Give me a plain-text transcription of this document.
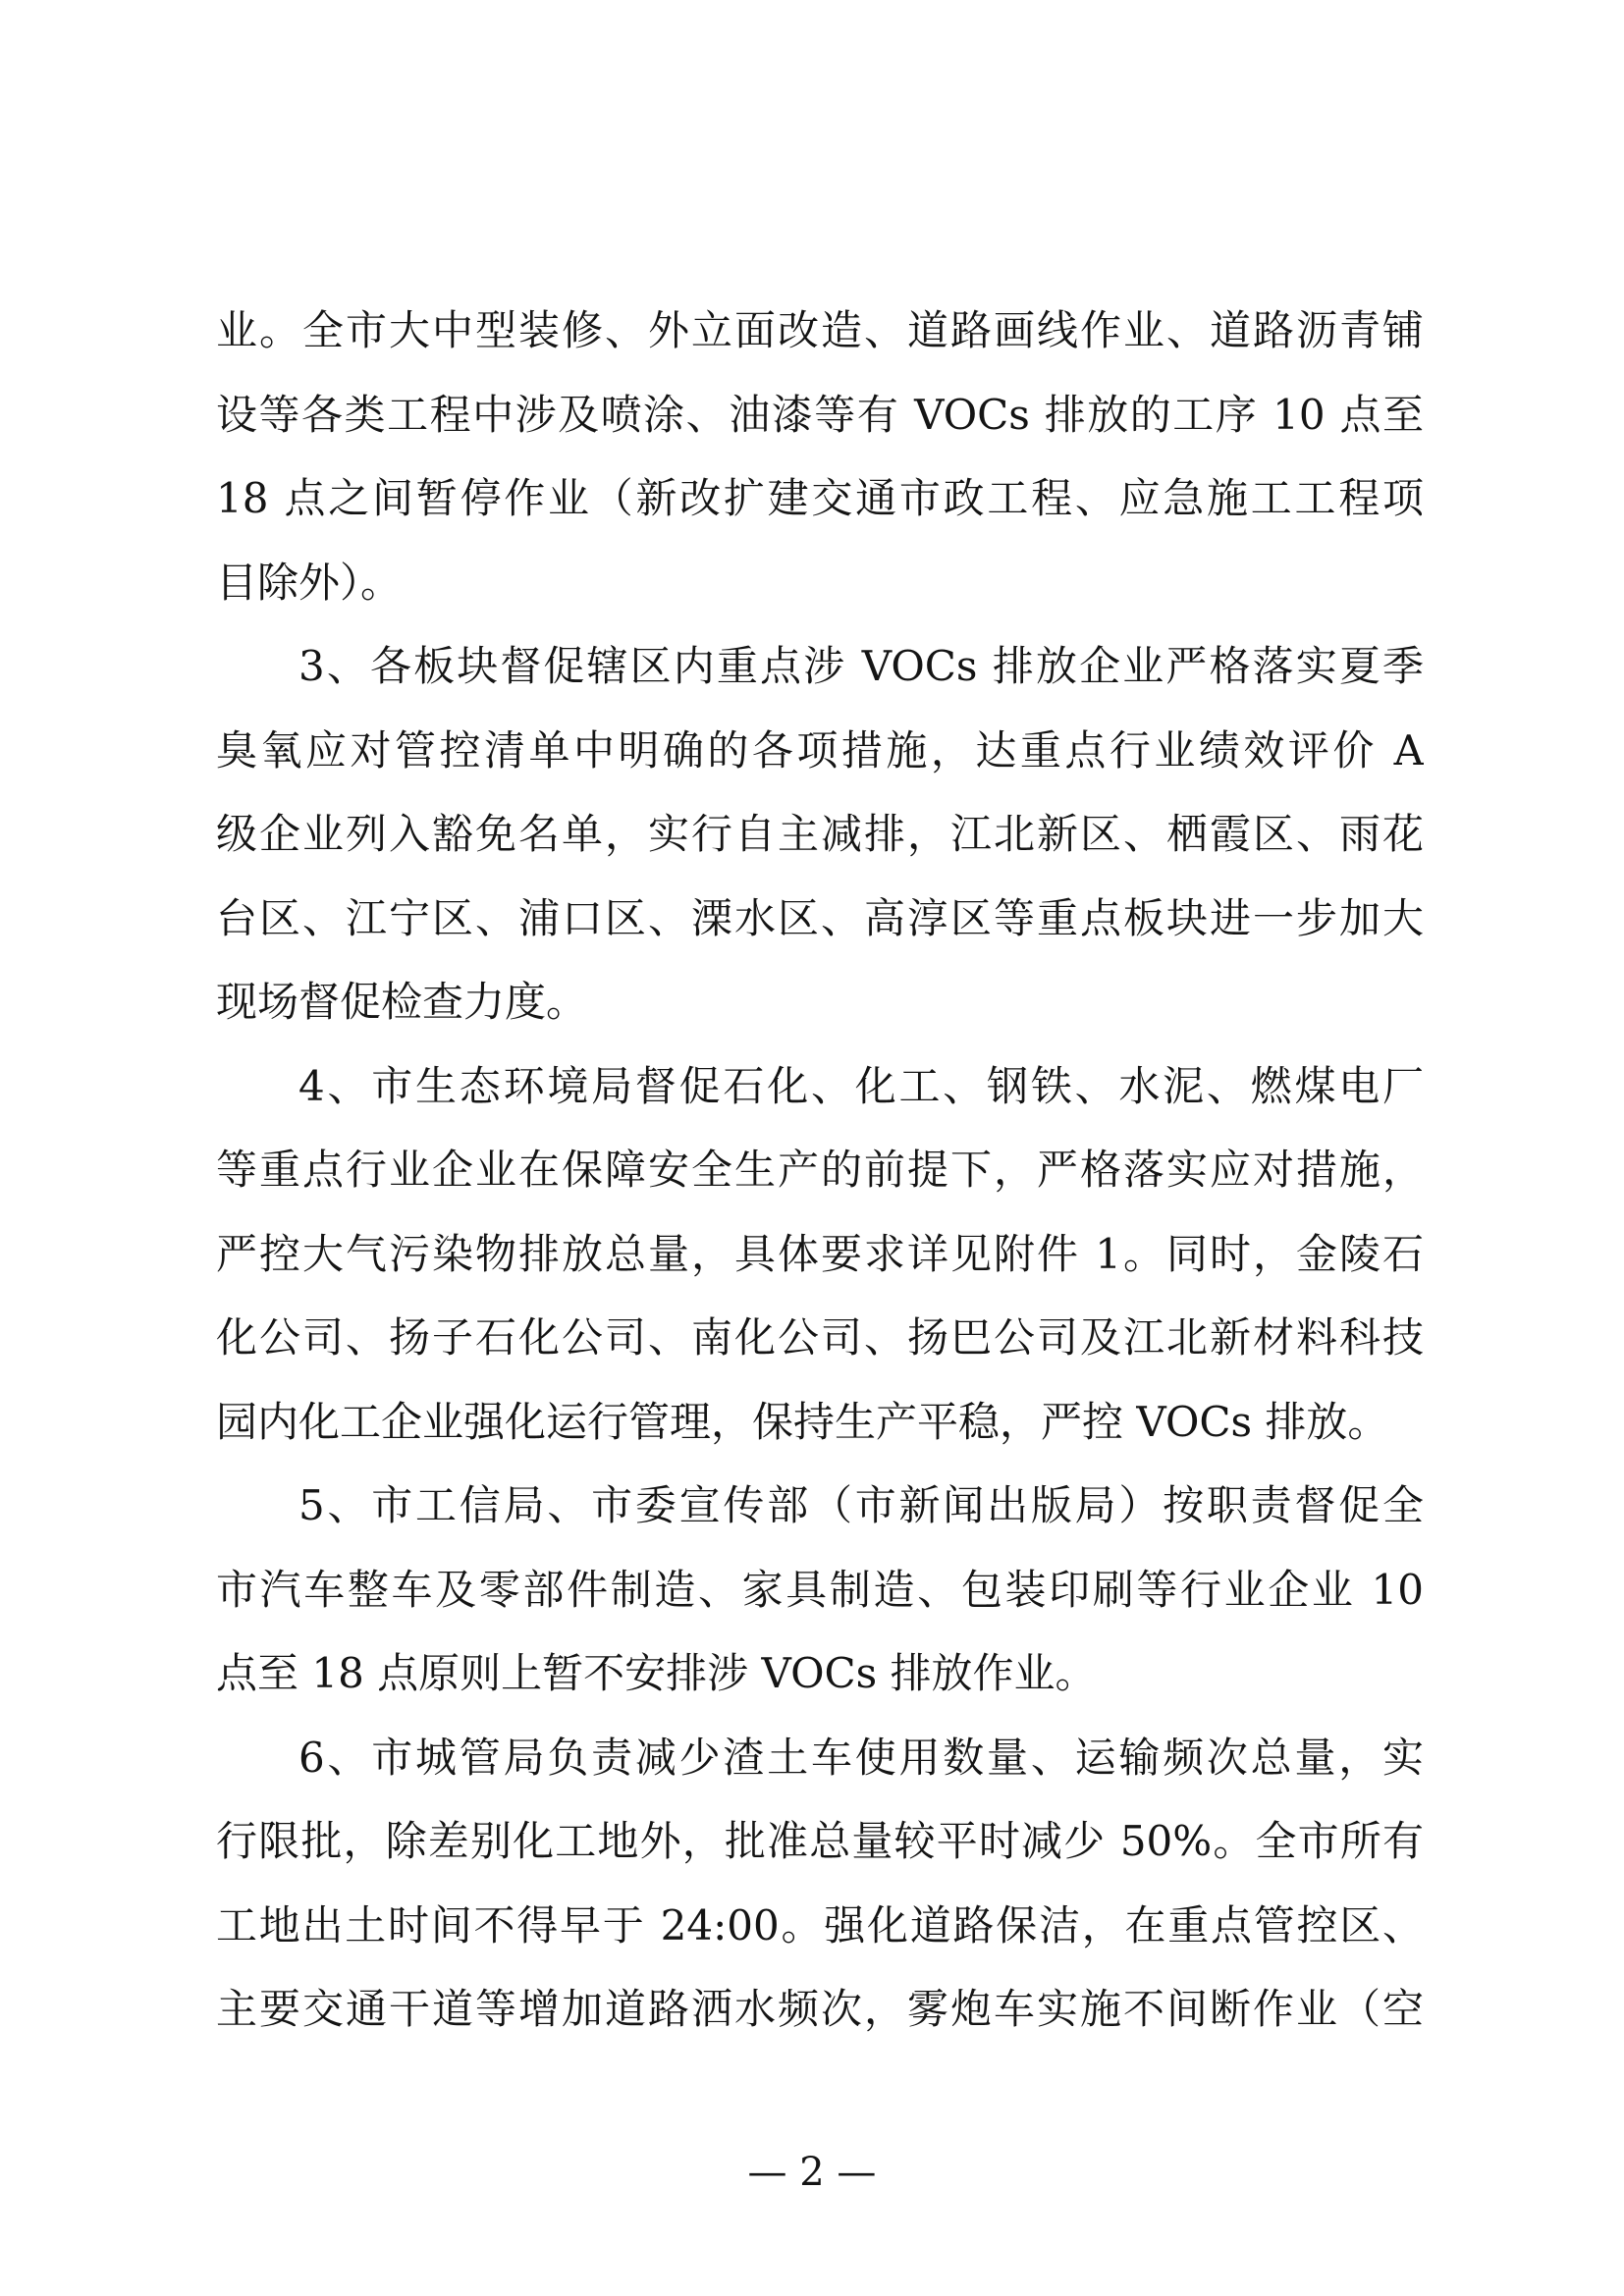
业。全市大中型装修、外立面改造、道路画线作业、道路沥青铺
设等各类工程中涉及喷涂、油漆等有 VOCs 排放的工序 10 点至
18 点之间暂停作业（新改扩建交通市政工程、应急施工工程项
目除外）。
3、各板块督促辖区内重点涉 VOCs 排放企业严格落实夏季
臭氧应对管控清单中明确的各项措施，达重点行业绩效评价 A
级企业列入豁免名单，实行自主减排，江北新区、栖霞区、雨花
台区、江宁区、浦口区、溧水区、高淳区等重点板块进一步加大
现场督促检查力度。
4、市生态环境局督促石化、化工、钢铁、水泥、燃煤电厂
等重点行业企业在保障安全生产的前提下，严格落实应对措施，
严控大气污染物排放总量，具体要求详见附件 1。同时，金陵石
化公司、扬子石化公司、南化公司、扬巴公司及江北新材料科技
园内化工企业强化运行管理，保持生产平稳，严控 VOCs 排放。
5、市工信局、市委宣传部（市新闻出版局）按职责督促全
市汽车整车及零部件制造、家具制造、包装印刷等行业企业 10
点至 18 点原则上暂不安排涉 VOCs 排放作业。
6、市城管局负责减少渣土车使用数量、运输频次总量，实
行限批，除差别化工地外，批准总量较平时减少 50%。全市所有
工地出土时间不得早于 24:00。强化道路保洁，在重点管控区、
主要交通干道等增加道路洒水频次，雾炮车实施不间断作业（空
— 2 —
